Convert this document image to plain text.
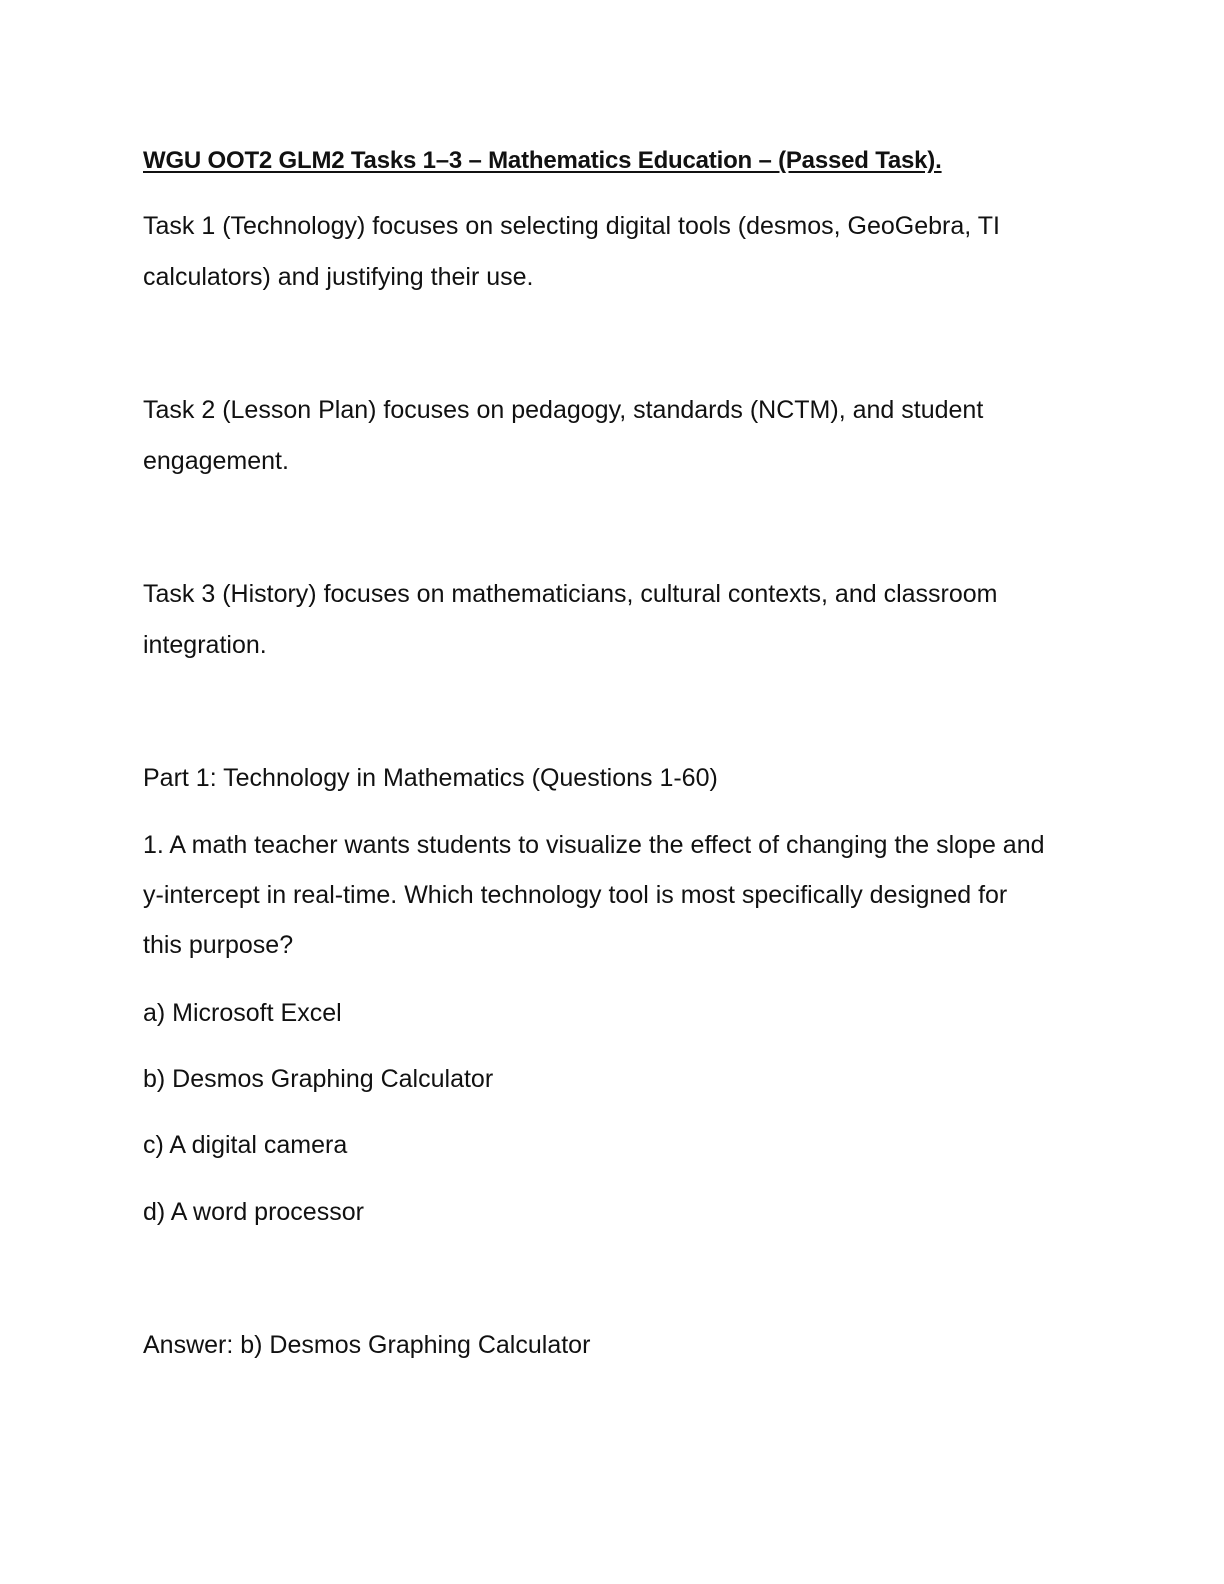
WGU OOT2 GLM2 Tasks 1–3 – Mathematics Education – (Passed Task).

Task 1 (Technology) focuses on selecting digital tools (desmos, GeoGebra, TI

calculators) and justifying their use.

Task 2 (Lesson Plan) focuses on pedagogy, standards (NCTM), and student

engagement.

Task 3 (History) focuses on mathematicians, cultural contexts, and classroom

integration.

Part 1: Technology in Mathematics (Questions 1-60)

1. A math teacher wants students to visualize the effect of changing the slope and

y-intercept in real-time. Which technology tool is most specifically designed for

this purpose?

a) Microsoft Excel

b) Desmos Graphing Calculator

c) A digital camera

d) A word processor

Answer: b) Desmos Graphing Calculator
